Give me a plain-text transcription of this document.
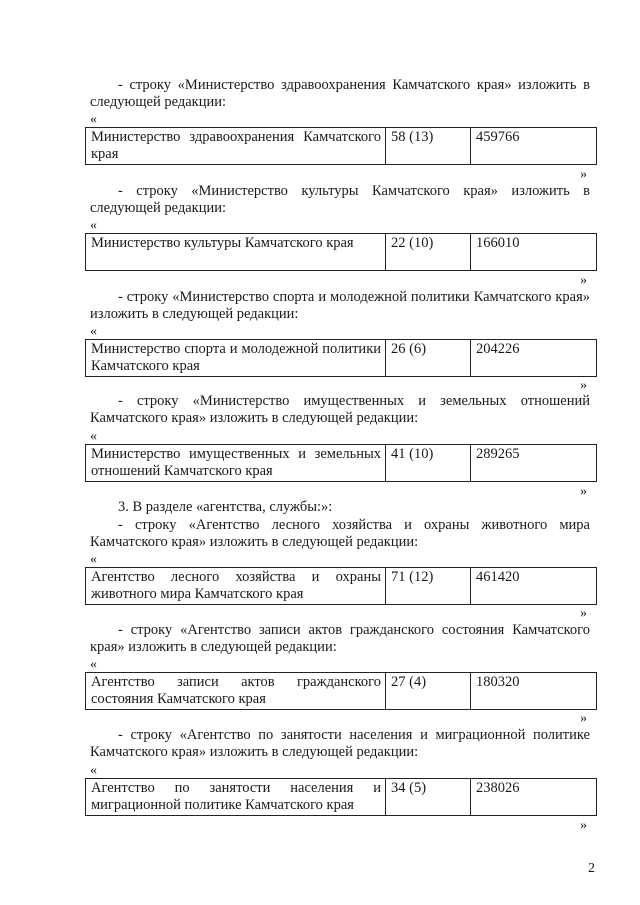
- строку «Министерство здравоохранения Камчатского края» изложить в следующей редакции:
«
Министерство здравоохранения Камчатского края	58 (13)	459766
»
- строку «Министерство культуры Камчатского края» изложить в следующей редакции:
«
Министерство культуры Камчатского края	22 (10)	166010
»
- строку «Министерство спорта и молодежной политики Камчатского края» изложить в следующей редакции:
«
Министерство спорта и молодежной политики Камчатского края	26 (6)	204226
»
- строку «Министерство имущественных и земельных отношений Камчатского края» изложить в следующей редакции:
«
Министерство имущественных и земельных отношений Камчатского края	41 (10)	289265
»
3. В разделе «агентства, службы:»:
- строку «Агентство лесного хозяйства и охраны животного мира Камчатского края» изложить в следующей редакции:
«
Агентство лесного хозяйства и охраны животного мира Камчатского края	71 (12)	461420
»
- строку «Агентство записи актов гражданского состояния Камчатского края» изложить в следующей редакции:
«
Агентство записи актов гражданского состояния Камчатского края	27 (4)	180320
»
- строку «Агентство по занятости населения и миграционной политике Камчатского края» изложить в следующей редакции:
«
Агентство по занятости населения и миграционной политике Камчатского края	34 (5)	238026
»
2
